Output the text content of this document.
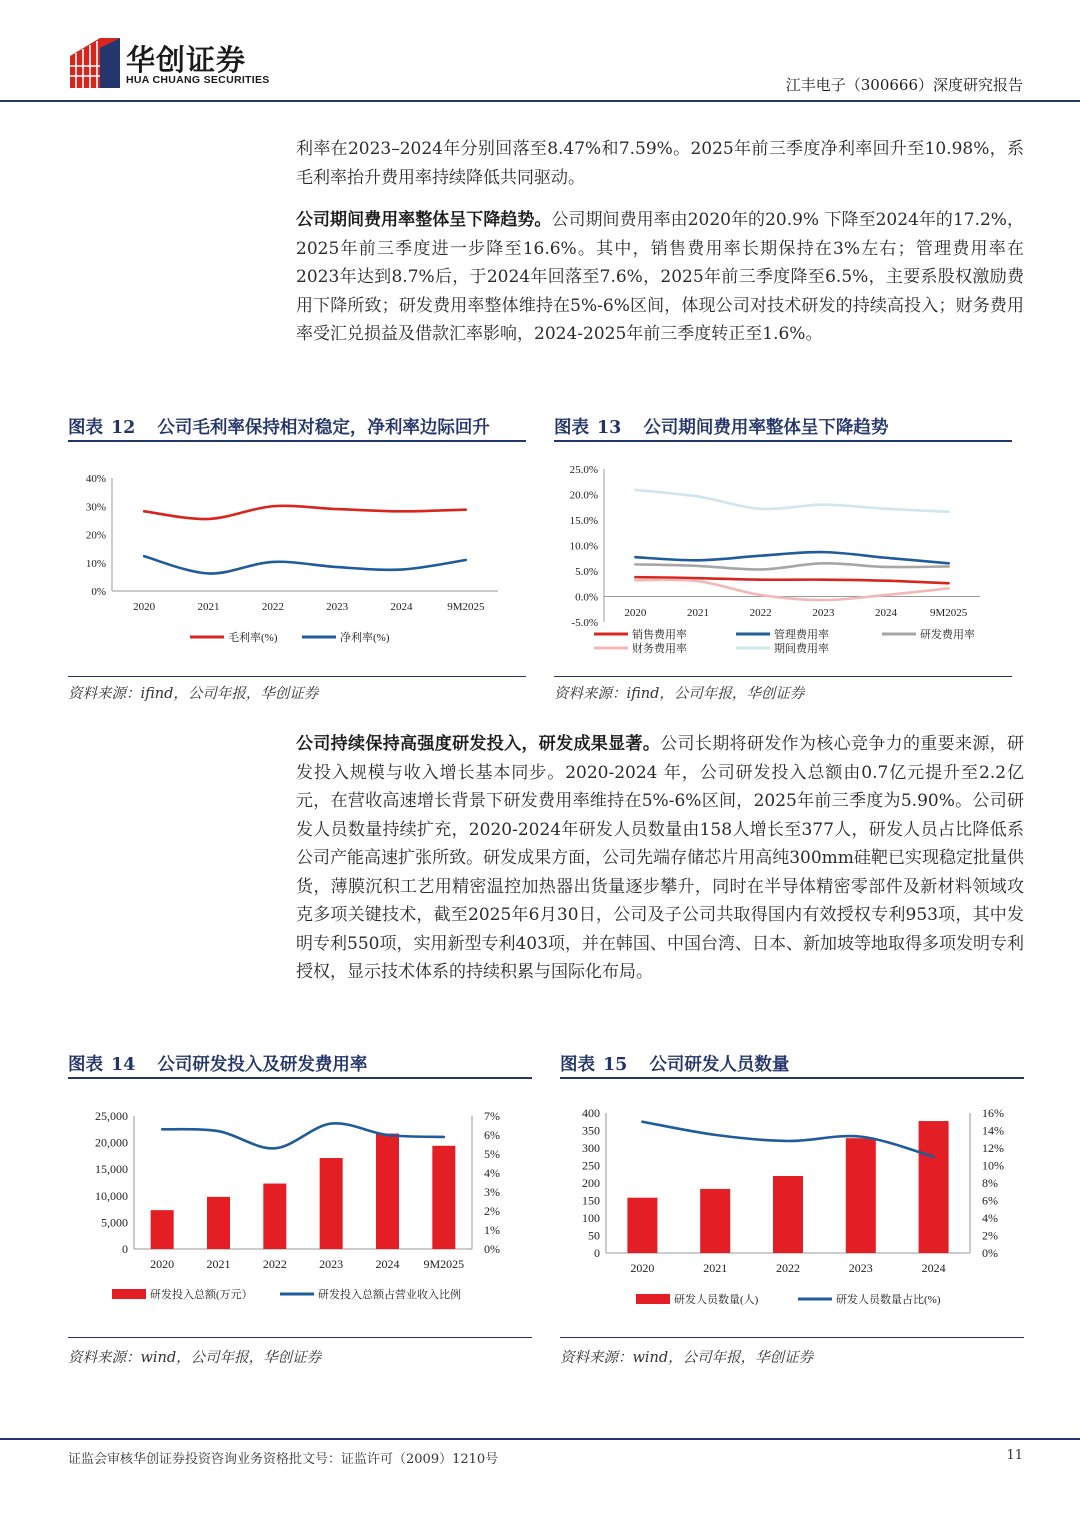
华创证券
HUA CHUANG SECURITIES	江丰电子（300666）深度研究报告

利率在2023–2024年分别回落至8.47%和7.59%。2025年前三季度净利率回升至10.98%，系毛利率抬升费用率持续降低共同驱动。

公司期间费用率整体呈下降趋势。公司期间费用率由2020年的20.9% 下降至2024年的17.2%，2025年前三季度进一步降至16.6%。其中，销售费用率长期保持在3%左右；管理费用率在2023年达到8.7%后，于2024年回落至7.6%，2025年前三季度降至6.5%，主要系股权激励费用下降所致；研发费用率整体维持在5%-6%区间，体现公司对技术研发的持续高投入；财务费用率受汇兑损益及借款汇率影响，2024-2025年前三季度转正至1.6%。

图表 12 公司毛利率保持相对稳定，净利率边际回升
0%
10%
20%
30%
40%
2020	2021	2022	2023	2024	9M2025
毛利率(%)	净利率(%)
资料来源：ifind，公司年报，华创证券
图表 13 公司期间费用率整体呈下降趋势
-5.0%
0.0%
5.0%
10.0%
15.0%
20.0%
25.0%
2020	2021	2022	2023	2024	9M2025
销售费用率	管理费用率	研发费用率
财务费用率	期间费用率
资料来源：ifind，公司年报，华创证券

公司持续保持高强度研发投入，研发成果显著。公司长期将研发作为核心竞争力的重要来源，研发投入规模与收入增长基本同步。2020-2024 年，公司研发投入总额由0.7亿元提升至2.2亿元，在营收高速增长背景下研发费用率维持在5%-6%区间，2025年前三季度为5.90%。公司研发人员数量持续扩充，2020-2024年研发人员数量由158人增长至377人，研发人员占比降低系公司产能高速扩张所致。研发成果方面，公司先端存储芯片用高纯300mm硅靶已实现稳定批量供货，薄膜沉积工艺用精密温控加热器出货量逐步攀升，同时在半导体精密零部件及新材料领域攻克多项关键技术，截至2025年6月30日，公司及子公司共取得国内有效授权专利953项，其中发明专利550项，实用新型专利403项，并在韩国、中国台湾、日本、新加坡等地取得多项发明专利授权，显示技术体系的持续积累与国际化布局。

图表 14 公司研发投入及研发费用率
0
5,000
10,000
15,000
20,000
25,000
0%
1%
2%
3%
4%
5%
6%
7%
2020	2021	2022	2023	2024 9M2025
研发投入总额(万元）	研发投入总额占营业收入比例
资料来源：wind，公司年报，华创证券
图表 15 公司研发人员数量
0
50
100
150
200
250
300
350
400
0%
2%
4%
6%
8%
10%
12%
14%
16%
2020	2021	2022	2023	2024
研发人员数量(人)	研发人员数量占比(%)
资料来源：wind，公司年报，华创证券
证监会审核华创证券投资咨询业务资格批文号：证监许可（2009）1210号	11
